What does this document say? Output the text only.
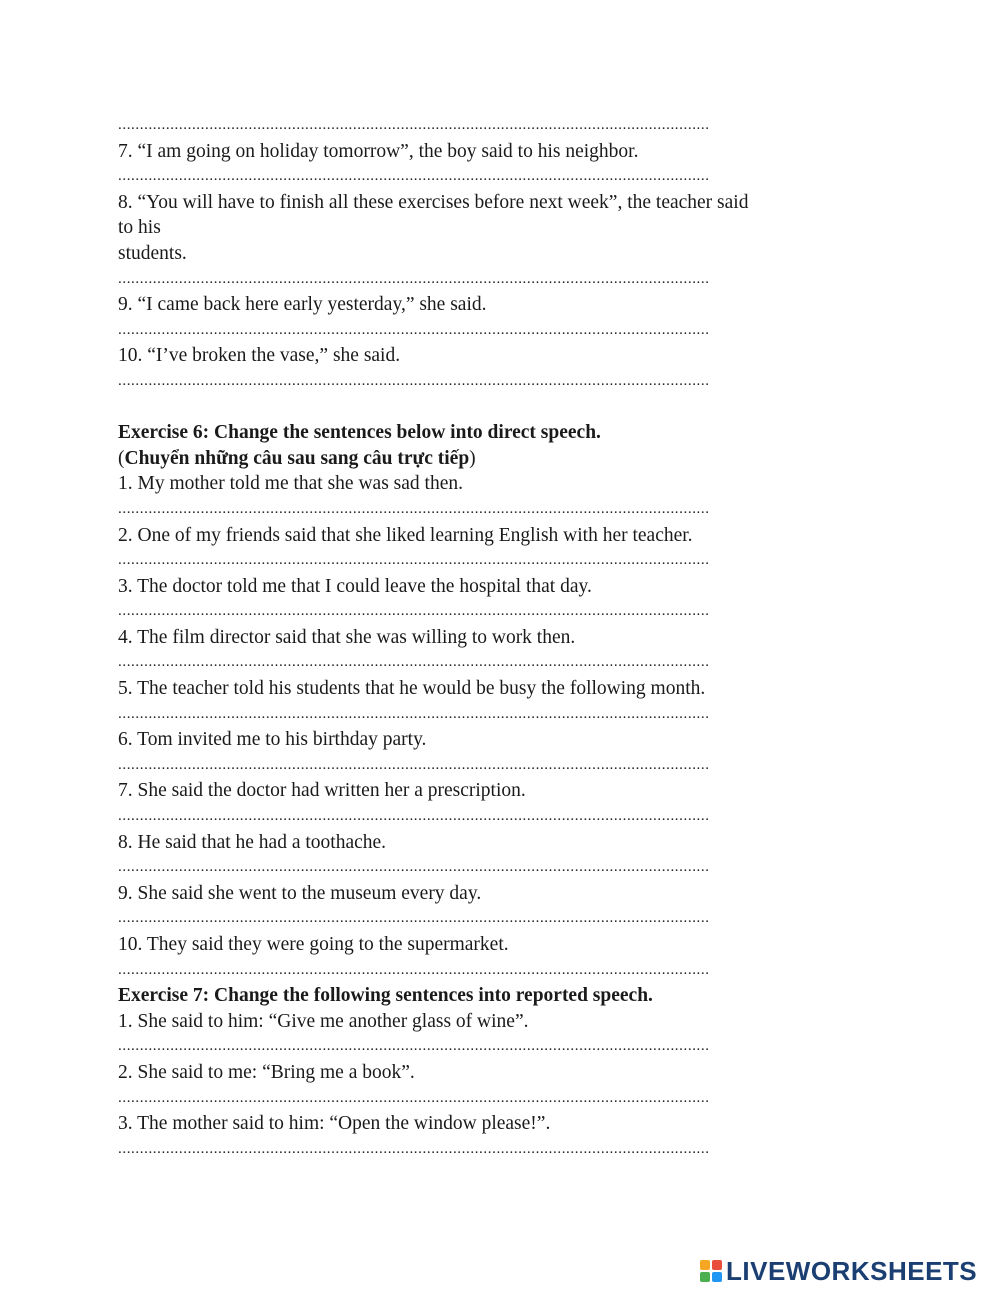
........................................................................................................................................
7. “I am going on holiday tomorrow”, the boy said to his neighbor.
........................................................................................................................................
8. “You will have to finish all these exercises before next week”, the teacher said
to his
students.
........................................................................................................................................
9. “I came back here early yesterday,” she said.
........................................................................................................................................
10. “I’ve broken the vase,” she said.
........................................................................................................................................
Exercise 6: Change the sentences below into direct speech.
(Chuyển những câu sau sang câu trực tiếp)
1. My mother told me that she was sad then.
........................................................................................................................................
2. One of my friends said that she liked learning English with her teacher.
........................................................................................................................................
3. The doctor told me that I could leave the hospital that day.
........................................................................................................................................
4. The film director said that she was willing to work then.
........................................................................................................................................
5. The teacher told his students that he would be busy the following month.
........................................................................................................................................
6. Tom invited me to his birthday party.
........................................................................................................................................
7. She said the doctor had written her a prescription.
........................................................................................................................................
8. He said that he had a toothache.
........................................................................................................................................
9. She said she went to the museum every day.
........................................................................................................................................
10. They said they were going to the supermarket.
........................................................................................................................................
Exercise 7: Change the following sentences into reported speech.
1. She said to him: “Give me another glass of wine”.
........................................................................................................................................
2. She said to me: “Bring me a book”.
........................................................................................................................................
3. The mother said to him: “Open the window please!”.
........................................................................................................................................
LIVEWORKSHEETS
